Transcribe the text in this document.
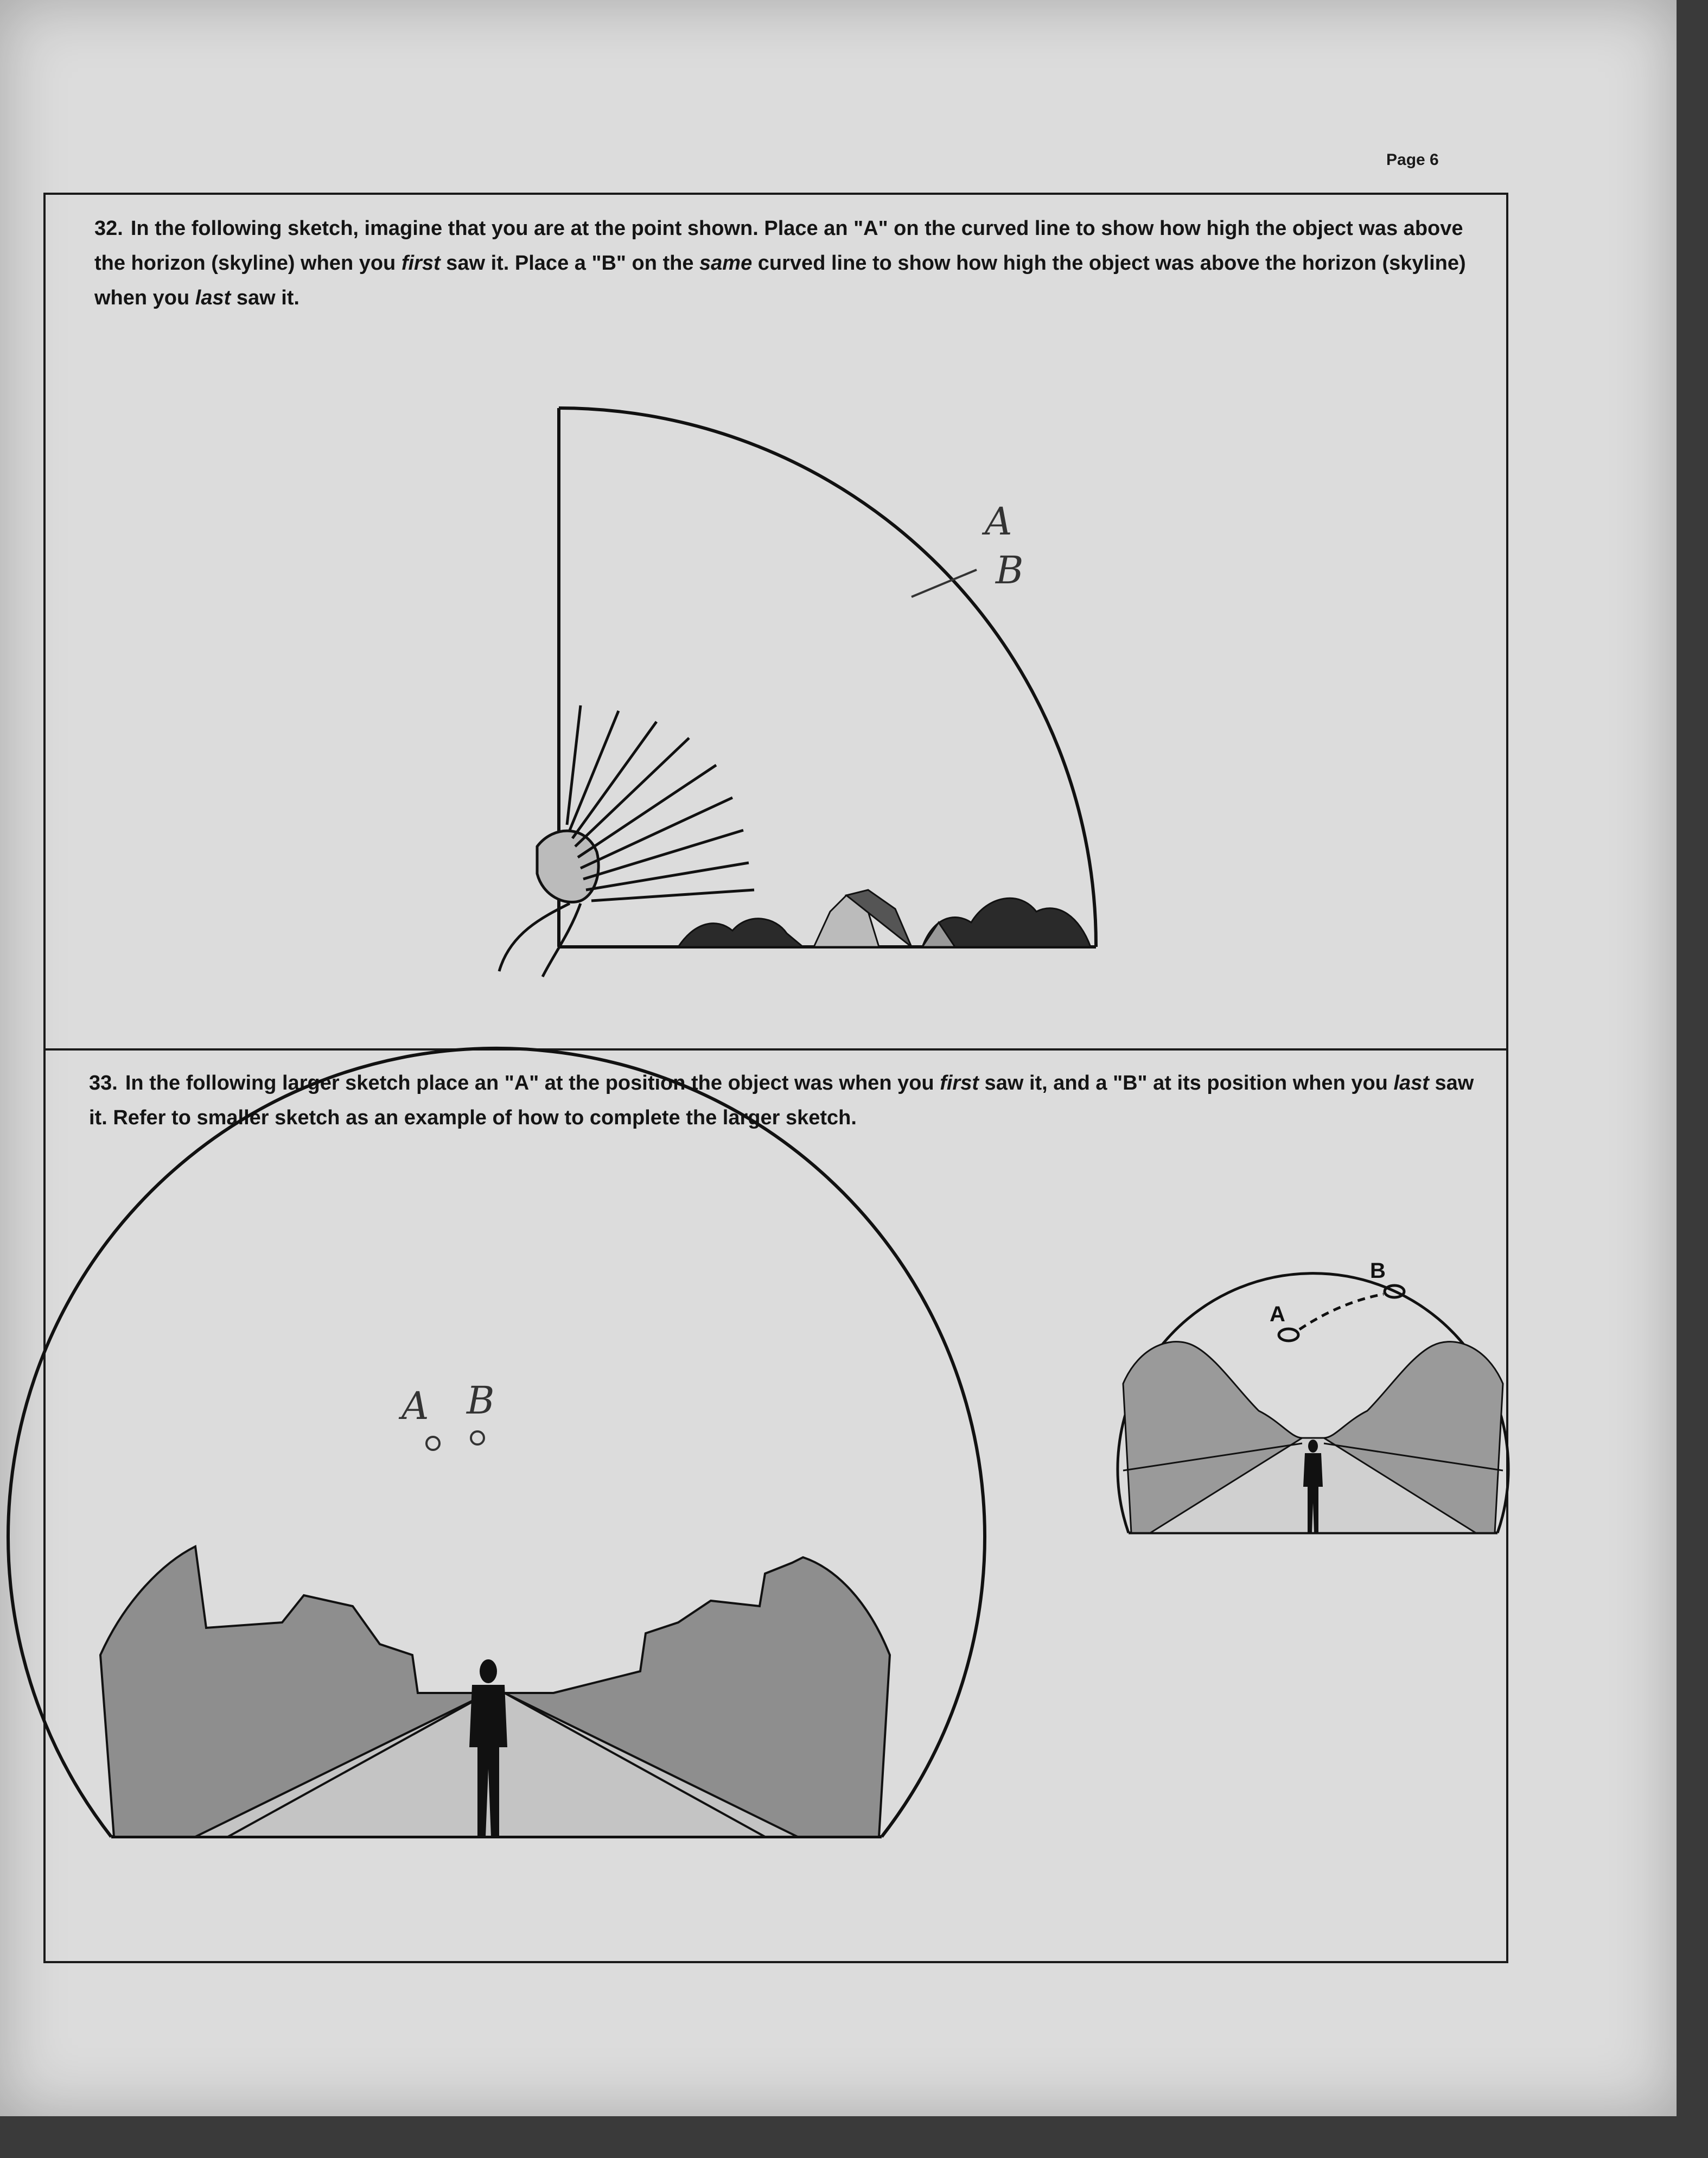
Page 6
32. In the following sketch, imagine that you are at the point shown. Place an "A" on the curved line to show how high the object was above the horizon (skyline) when you first saw it. Place a "B" on the same curved line to show how high the object was above the horizon (skyline) when you last saw it.
33. In the following larger sketch place an "A" at the position the object was when you first saw it, and a "B" at its position when you last saw it. Refer to smaller sketch as an example of how to complete the larger sketch.
A
B
A B
A
B
